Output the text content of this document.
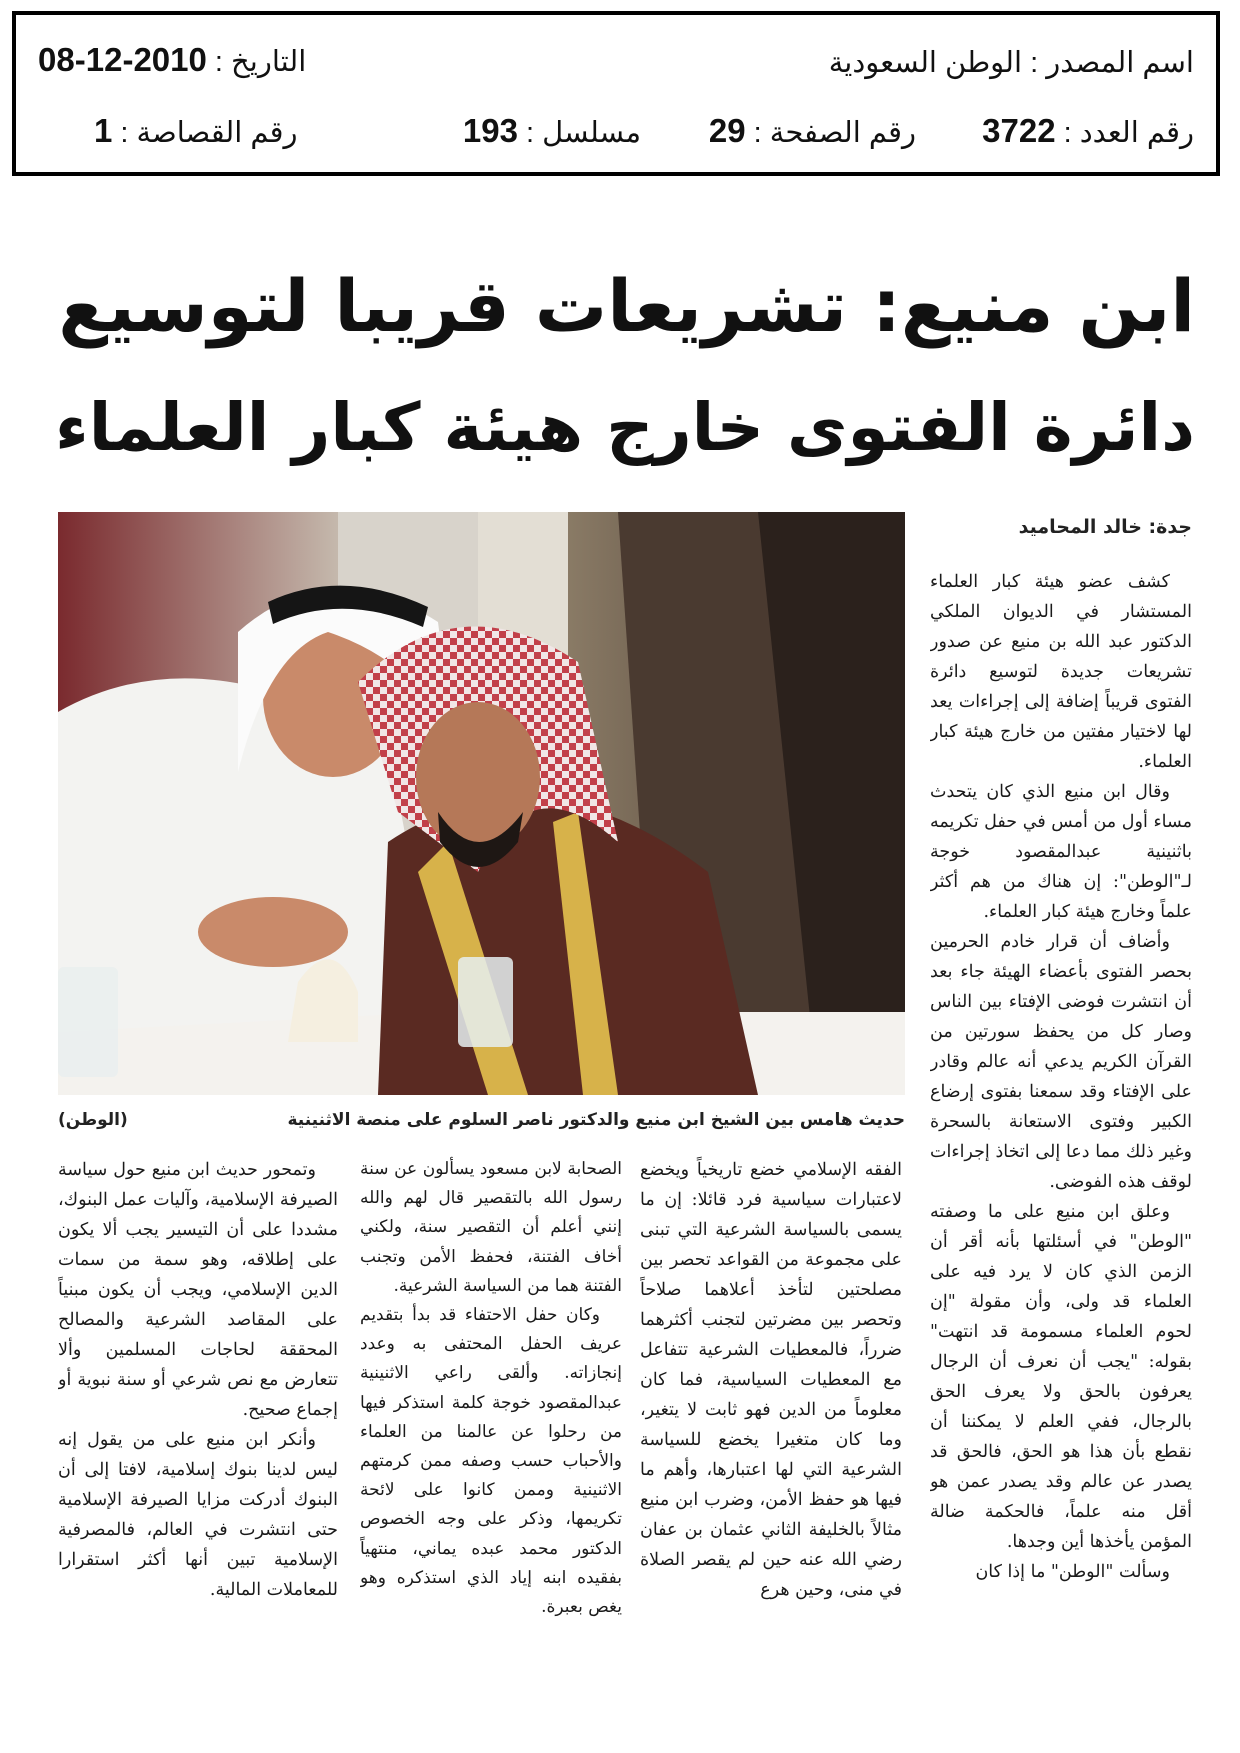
اسم المصدر : الوطن السعودية
التاريخ : 2010-12-08
رقم العدد : 3722
رقم الصفحة : 29
مسلسل : 193
رقم القصاصة : 1
ابن منيع: تشريعات قريبا لتوسيع
دائرة الفتوى خارج هيئة كبار العلماء
حديث هامس بين الشيخ ابن منيع والدكتور ناصر السلوم على منصة الاثنينية
(الوطن)
جدة: خالد المحاميد

كشف عضو هيئة كبار العلماء المستشار في الديوان الملكي الدكتور عبد الله بن منيع عن صدور تشريعات جديدة لتوسيع دائرة الفتوى قريباً إضافة إلى إجراءات يعد لها لاختيار مفتين من خارج هيئة كبار العلماء.

وقال ابن منيع الذي كان يتحدث مساء أول من أمس في حفل تكريمه باثنينية عبدالمقصود خوجة لـ"الوطن": إن هناك من هم أكثر علماً وخارج هيئة كبار العلماء.

وأضاف أن قرار خادم الحرمين بحصر الفتوى بأعضاء الهيئة جاء بعد أن انتشرت فوضى الإفتاء بين الناس وصار كل من يحفظ سورتين من القرآن الكريم يدعي أنه عالم وقادر على الإفتاء وقد سمعنا بفتوى إرضاع الكبير وفتوى الاستعانة بالسحرة وغير ذلك مما دعا إلى اتخاذ إجراءات لوقف هذه الفوضى.

وعلق ابن منيع على ما وصفته "الوطن" في أسئلتها بأنه أقر أن الزمن الذي كان لا يرد فيه على العلماء قد ولى، وأن مقولة "إن لحوم العلماء مسمومة قد انتهت" بقوله: "يجب أن نعرف أن الرجال يعرفون بالحق ولا يعرف الحق بالرجال، ففي العلم لا يمكننا أن نقطع بأن هذا هو الحق، فالحق قد يصدر عن عالم وقد يصدر عمن هو أقل منه علماً، فالحكمة ضالة المؤمن يأخذها أين وجدها.

وسألت "الوطن" ما إذا كان

الفقه الإسلامي خضع تاريخياً ويخضع لاعتبارات سياسية فرد قائلا: إن ما يسمى بالسياسة الشرعية التي تبنى على مجموعة من القواعد تحصر بين مصلحتين لتأخذ أعلاهما صلاحاً وتحصر بين مضرتين لتجنب أكثرهما ضرراً، فالمعطيات الشرعية تتفاعل مع المعطيات السياسية، فما كان معلوماً من الدين فهو ثابت لا يتغير، وما كان متغيرا يخضع للسياسة الشرعية التي لها اعتبارها، وأهم ما فيها هو حفظ الأمن، وضرب ابن منيع مثالاً بالخليفة الثاني عثمان بن عفان رضي الله عنه حين لم يقصر الصلاة في منى، وحين هرع

الصحابة لابن مسعود يسألون عن سنة رسول الله بالتقصير قال لهم والله إنني أعلم أن التقصير سنة، ولكني أخاف الفتنة، فحفظ الأمن وتجنب الفتنة هما من السياسة الشرعية.

وكان حفل الاحتفاء قد بدأ بتقديم عريف الحفل المحتفى به وعدد إنجازاته. وألقى راعي الاثنينية عبدالمقصود خوجة كلمة استذكر فيها من رحلوا عن عالمنا من العلماء والأحباب حسب وصفه ممن كرمتهم الاثنينية وممن كانوا على لائحة تكريمها، وذكر على وجه الخصوص الدكتور محمد عبده يماني، منتهياً بفقيده ابنه إياد الذي استذكره وهو يغص بعبرة.

وتمحور حديث ابن منيع حول سياسة الصيرفة الإسلامية، وآليات عمل البنوك، مشددا على أن التيسير يجب ألا يكون على إطلاقه، وهو سمة من سمات الدين الإسلامي، ويجب أن يكون مبنياً على المقاصد الشرعية والمصالح المحققة لحاجات المسلمين وألا تتعارض مع نص شرعي أو سنة نبوية أو إجماع صحيح.

وأنكر ابن منيع على من يقول إنه ليس لدينا بنوك إسلامية، لافتا إلى أن البنوك أدركت مزايا الصيرفة الإسلامية حتى انتشرت في العالم، فالمصرفية الإسلامية تبين أنها أكثر استقرارا للمعاملات المالية.
